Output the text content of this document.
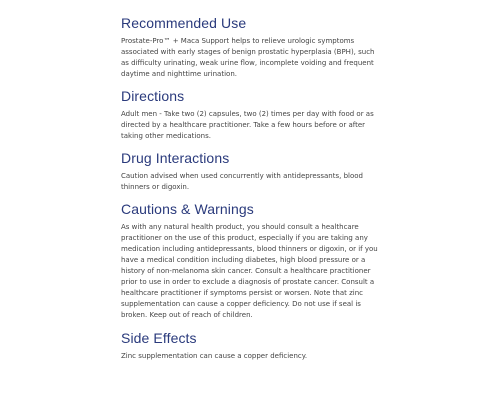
Recommended Use

Prostate-Pro™ + Maca Support helps to relieve urologic symptoms associated with early stages of benign prostatic hyperplasia (BPH), such as difficulty urinating, weak urine flow, incomplete voiding and frequent daytime and nighttime urination.

Directions

Adult men - Take two (2) capsules, two (2) times per day with food or as directed by a healthcare practitioner. Take a few hours before or after taking other medications.

Drug Interactions

Caution advised when used concurrently with antidepressants, blood thinners or digoxin.

Cautions & Warnings

As with any natural health product, you should consult a healthcare practitioner on the use of this product, especially if you are taking any medication including antidepressants, blood thinners or digoxin, or if you have a medical condition including diabetes, high blood pressure or a history of non-melanoma skin cancer. Consult a healthcare practitioner prior to use in order to exclude a diagnosis of prostate cancer. Consult a healthcare practitioner if symptoms persist or worsen. Note that zinc supplementation can cause a copper deficiency. Do not use if seal is broken. Keep out of reach of children.

Side Effects

Zinc supplementation can cause a copper deficiency.
